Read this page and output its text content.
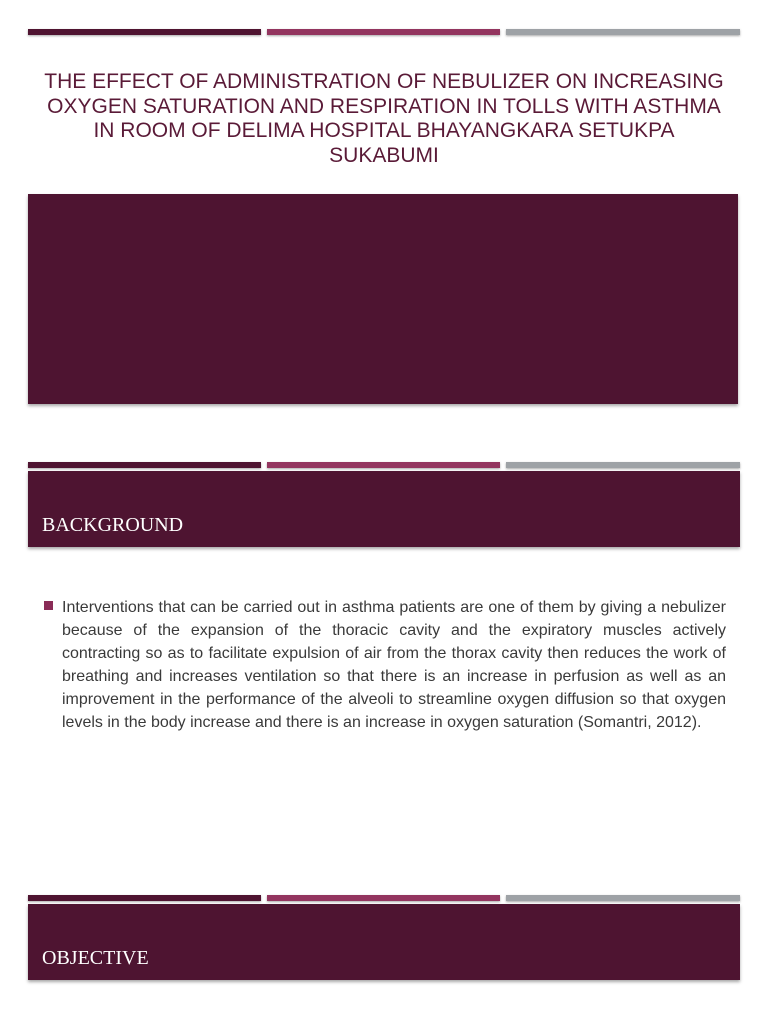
THE EFFECT OF ADMINISTRATION OF NEBULIZER ON INCREASING OXYGEN SATURATION AND RESPIRATION IN TOLLS WITH ASTHMA IN ROOM OF DELIMA HOSPITAL BHAYANGKARA SETUKPA SUKABUMI
BACKGROUND

Interventions that can be carried out in asthma patients are one of them by giving a nebulizer because of the expansion of the thoracic cavity and the expiratory muscles actively contracting so as to facilitate expulsion of air from the thorax cavity then reduces the work of breathing and increases ventilation so that there is an increase in perfusion as well as an improvement in the performance of the alveoli to streamline oxygen diffusion so that oxygen levels in the body increase and there is an increase in oxygen saturation (Somantri, 2012).

OBJECTIVE
